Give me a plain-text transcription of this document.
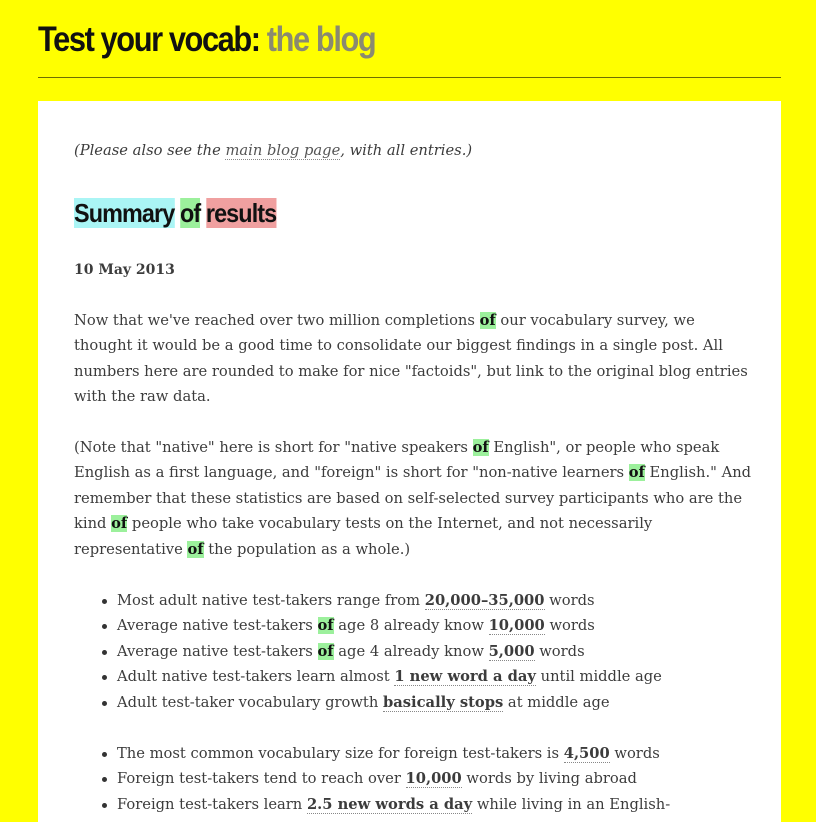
Test your vocab: the blog

(Please also see the main blog page, with all entries.)

Summary of results
10 May 2013

Now that we've reached over two million completions of our vocabulary survey, we thought it would be a good time to consolidate our biggest findings in a single post. All numbers here are rounded to make for nice "factoids", but link to the original blog entries with the raw data.

(Note that "native" here is short for "native speakers of English", or people who speak English as a first language, and "foreign" is short for "non-native learners of English." And remember that these statistics are based on self-selected survey participants who are the kind of people who take vocabulary tests on the Internet, and not necessarily representative of the population as a whole.)

Most adult native test-takers range from 20,000–35,000 words
Average native test-takers of age 8 already know 10,000 words
Average native test-takers of age 4 already know 5,000 words
Adult native test-takers learn almost 1 new word a day until middle age
Adult test-taker vocabulary growth basically stops at middle age
The most common vocabulary size for foreign test-takers is 4,500 words
Foreign test-takers tend to reach over 10,000 words by living abroad
Foreign test-takers learn 2.5 new words a day while living in an English-
